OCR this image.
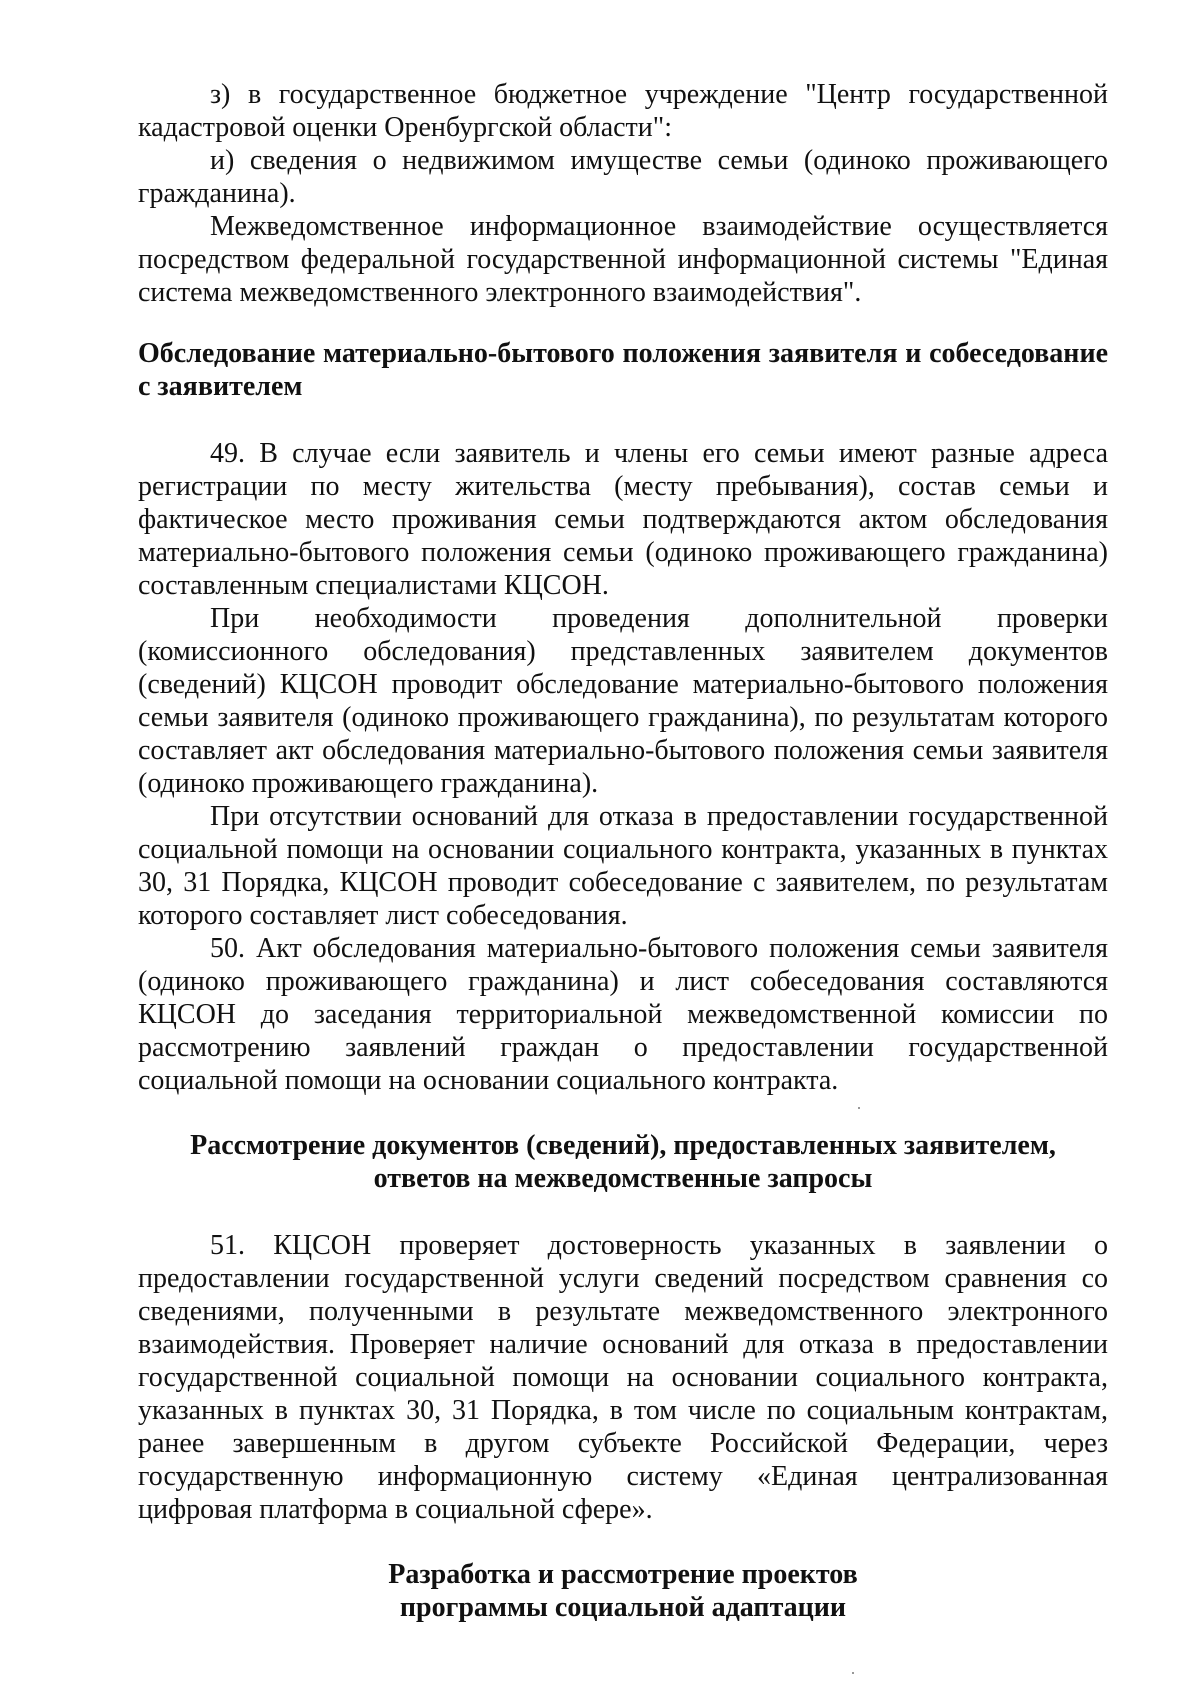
з) в государственное бюджетное учреждение "Центр государственной кадастровой оценки Оренбургской области":

и) сведения о недвижимом имуществе семьи (одиноко проживающего гражданина).

Межведомственное информационное взаимодействие осуществляется посредством федеральной государственной информационной системы "Единая система межведомственного электронного взаимодействия".

Обследование материально-бытового положения заявителя и собеседование с заявителем

49. В случае если заявитель и члены его семьи имеют разные адреса регистрации по месту жительства (месту пребывания), состав семьи и фактическое место проживания семьи подтверждаются актом обследования материально-бытового положения семьи (одиноко проживающего гражданина) составленным специалистами КЦСОН.

При необходимости проведения дополнительной проверки (комиссионного обследования) представленных заявителем документов (сведений) КЦСОН проводит обследование материально-бытового положения семьи заявителя (одиноко проживающего гражданина), по результатам которого составляет акт обследования материально-бытового положения семьи заявителя (одиноко проживающего гражданина).

При отсутствии оснований для отказа в предоставлении государственной социальной помощи на основании социального контракта, указанных в пунктах 30, 31 Порядка, КЦСОН проводит собеседование с заявителем, по результатам которого составляет лист собеседования.

50. Акт обследования материально-бытового положения семьи заявителя (одиноко проживающего гражданина) и лист собеседования составляются КЦСОН до заседания территориальной межведомственной комиссии по рассмотрению заявлений граждан о предоставлении государственной социальной помощи на основании социального контракта.

Рассмотрение документов (сведений), предоставленных заявителем,
ответов на межведомственные запросы

51. КЦСОН проверяет достоверность указанных в заявлении о предоставлении государственной услуги сведений посредством сравнения со сведениями, полученными в результате межведомственного электронного взаимодействия. Проверяет наличие оснований для отказа в предоставлении государственной социальной помощи на основании социального контракта, указанных в пунктах 30, 31 Порядка, в том числе по социальным контрактам, ранее завершенным в другом субъекте Российской Федерации, через государственную информационную систему «Единая централизованная цифровая платформа в социальной сфере».

Разработка и рассмотрение проектов
программы социальной адаптации
